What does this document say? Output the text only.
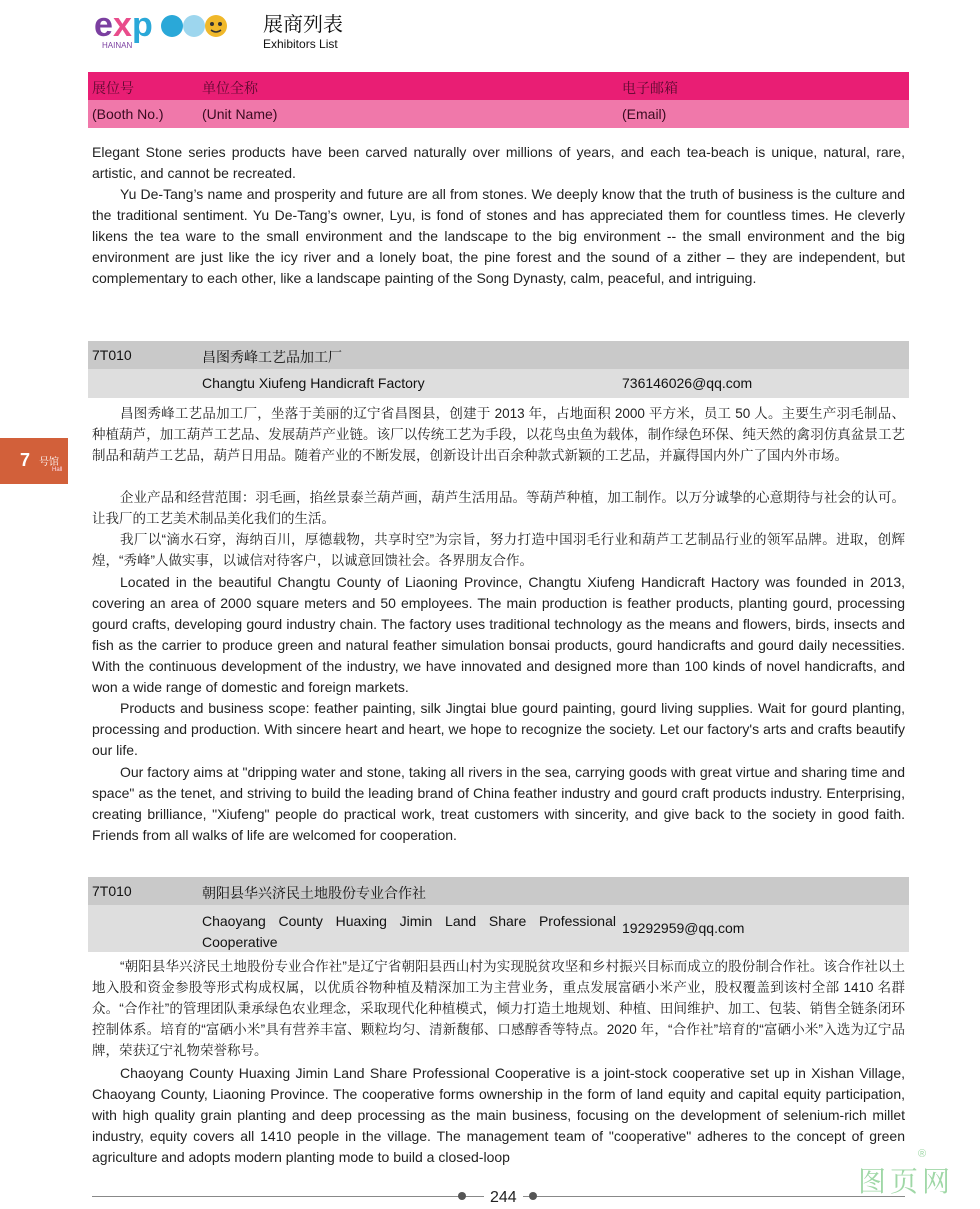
e x p
HAINAN
展商列表
Exhibitors List
展位号	单位全称	电子邮箱
(Booth No.)	(Unit Name)	(Email)
Elegant Stone series products have been carved naturally over millions of years, and each tea-beach is unique, natural, rare, artistic, and cannot be recreated.
Yu De-Tang’s name and prosperity and future are all from stones. We deeply know that the truth of business is the culture and the traditional sentiment. Yu De-Tang’s owner, Lyu, is fond of stones and has appreciated them for countless times. He cleverly likens the tea ware to the small environment and the landscape to the big environment -- the small environment and the big environment are just like the icy river and a lonely boat, the pine forest and the sound of a zither – they are independent, but complementary to each other, like a landscape painting of the Song Dynasty, calm, peaceful, and intriguing.
7T010	昌图秀峰工艺品加工厂
Changtu Xiufeng Handicraft Factory	736146026@qq.com
昌图秀峰工艺品加工厂，坐落于美丽的辽宁省昌图县，创建于 2013 年，占地面积 2000 平方米，员工 50 人。主要生产羽毛制品、种植葫芦，加工葫芦工艺品、发展葫芦产业链。该厂以传统工艺为手段，以花鸟虫鱼为载体，制作绿色环保、纯天然的禽羽仿真盆景工艺制品和葫芦工艺品，葫芦日用品。随着产业的不断发展，创新设计出百余种款式新颖的工艺品，并赢得国内外广了国内外市场。
企业产品和经营范围：羽毛画，掐丝景泰兰葫芦画，葫芦生活用品。等葫芦种植，加工制作。以万分诚挚的心意期待与社会的认可。让我厂的工艺美术制品美化我们的生活。
我厂以“滴水石穿，海纳百川，厚德载物，共享时空”为宗旨，努力打造中国羽毛行业和葫芦工艺制品行业的领军品牌。进取，创辉煌，“秀峰”人做实事，以诚信对待客户，以诚意回馈社会。各界朋友合作。
Located in the beautiful Changtu County of Liaoning Province, Changtu Xiufeng Handicraft Hactory was founded in 2013, covering an area of 2000 square meters and 50 employees. The main production is feather products, planting gourd, processing gourd crafts, developing gourd industry chain. The factory uses traditional technology as the means and flowers, birds, insects and fish as the carrier to produce green and natural feather simulation bonsai products, gourd handicrafts and gourd daily necessities. With the continuous development of the industry, we have innovated and designed more than 100 kinds of novel handicrafts, and won a wide range of domestic and foreign markets.
Products and business scope: feather painting, silk Jingtai blue gourd painting, gourd living supplies. Wait for gourd planting, processing and production. With sincere heart and heart, we hope to recognize the society. Let our factory's arts and crafts beautify our life.
Our factory aims at "dripping water and stone, taking all rivers in the sea, carrying goods with great virtue and sharing time and space" as the tenet, and striving to build the leading brand of China feather industry and gourd craft products industry. Enterprising, creating brilliance, "Xiufeng" people do practical work, treat customers with sincerity, and give back to the society in good faith. Friends from all walks of life are welcomed for cooperation.
7T010	朝阳县华兴济民土地股份专业合作社
Chaoyang County Huaxing Jimin Land Share Professional Cooperative
19292959@qq.com
“朝阳县华兴济民土地股份专业合作社”是辽宁省朝阳县西山村为实现脱贫攻坚和乡村振兴目标而成立的股份制合作社。该合作社以土地入股和资金参股等形式构成权属，以优质谷物种植及精深加工为主营业务，重点发展富硒小米产业，股权覆盖到该村全部 1410 名群众。“合作社”的管理团队秉承绿色农业理念，采取现代化种植模式，倾力打造土地规划、种植、田间维护、加工、包装、销售全链条闭环控制体系。培育的“富硒小米”具有营养丰富、颗粒均匀、清新馥郁、口感醇香等特点。2020 年，“合作社”培育的“富硒小米”入选为辽宁品牌，荣获辽宁礼物荣誉称号。
Chaoyang County Huaxing Jimin Land Share Professional Cooperative is a joint-stock cooperative set up in Xishan Village, Chaoyang County, Liaoning Province. The cooperative forms ownership in the form of land equity and capital equity participation, with high quality grain planting and deep processing as the main business, focusing on the development of selenium-rich millet industry, equity covers all 1410 people in the village. The management team of "cooperative" adheres to the concept of green agriculture and adopts modern planting mode to build a closed-loop
7 号馆
Hall
244	图页网
®
